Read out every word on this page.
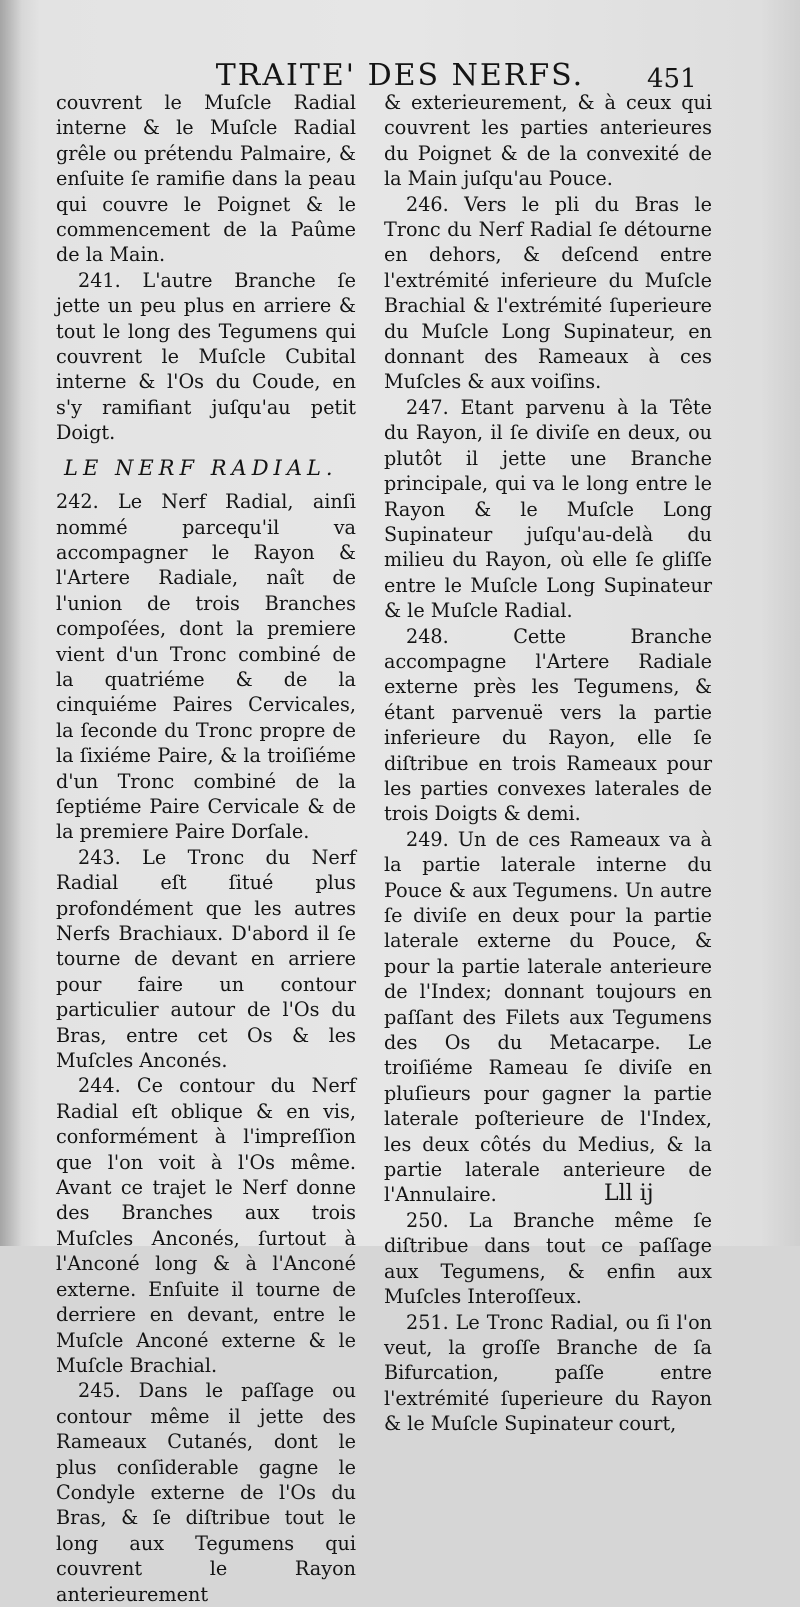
TRAITE' DES NERFS.	451

couvrent le Muſcle Radial interne & le Muſcle Radial grêle ou prétendu Palmaire, & enſuite ſe ramifie dans la peau qui couvre le Poignet & le commencement de la Paûme de la Main.

241. L'autre Branche ſe jette un peu plus en arriere & tout le long des Tegumens qui couvrent le Muſcle Cubital interne & l'Os du Coude, en s'y ramifiant juſqu'au petit Doigt.

LE NERF RADIAL.

242. Le Nerf Radial, ainſi nommé parcequ'il va accompagner le Rayon & l'Artere Radiale, naît de l'union de trois Branches compoſées, dont la premiere vient d'un Tronc combiné de la quatriéme & de la cinquiéme Paires Cervicales, la ſeconde du Tronc propre de la ſixiéme Paire, & la troiſiéme d'un Tronc combiné de la ſeptiéme Paire Cervicale & de la premiere Paire Dorſale.

243. Le Tronc du Nerf Radial eſt ſitué plus profondément que les autres Nerfs Brachiaux. D'abord il ſe tourne de devant en arriere pour faire un contour particulier autour de l'Os du Bras, entre cet Os & les Muſcles Anconés.

244. Ce contour du Nerf Radial eſt oblique & en vis, conformément à l'impreſſion que l'on voit à l'Os même. Avant ce trajet le Nerf donne des Branches aux trois Muſcles Anconés, ſurtout à l'Anconé long & à l'Anconé externe. Enſuite il tourne de derriere en devant, entre le Muſcle Anconé externe & le Muſcle Brachial.

245. Dans le paſſage ou contour même il jette des Rameaux Cutanés, dont le plus conſiderable gagne le Condyle externe de l'Os du Bras, & ſe diſtribue tout le long aux Tegumens qui couvrent le Rayon anterieurement

& exterieurement, & à ceux qui couvrent les parties anterieures du Poignet & de la convexité de la Main juſqu'au Pouce.

246. Vers le pli du Bras le Tronc du Nerf Radial ſe détourne en dehors, & deſcend entre l'extrémité inferieure du Muſcle Brachial & l'extrémité ſuperieure du Muſcle Long Supinateur, en donnant des Rameaux à ces Muſcles & aux voiſins.

247. Etant parvenu à la Tête du Rayon, il ſe diviſe en deux, ou plutôt il jette une Branche principale, qui va le long entre le Rayon & le Muſcle Long Supinateur juſqu'au-delà du milieu du Rayon, où elle ſe gliſſe entre le Muſcle Long Supinateur & le Muſcle Radial.

248. Cette Branche accompagne l'Artere Radiale externe près les Tegumens, & étant parvenuë vers la partie inferieure du Rayon, elle ſe diſtribue en trois Rameaux pour les parties convexes laterales de trois Doigts & demi.

249. Un de ces Rameaux va à la partie laterale interne du Pouce & aux Tegumens. Un autre ſe diviſe en deux pour la partie laterale externe du Pouce, & pour la partie laterale anterieure de l'Index; donnant toujours en paſſant des Filets aux Tegumens des Os du Metacarpe. Le troiſiéme Rameau ſe diviſe en pluſieurs pour gagner la partie laterale poſterieure de l'Index, les deux côtés du Medius, & la partie laterale anterieure de l'Annulaire.

250. La Branche même ſe diſtribue dans tout ce paſſage aux Tegumens, & enfin aux Muſcles Interoſſeux.

251. Le Tronc Radial, ou ſi l'on veut, la groſſe Branche de ſa Bifurcation, paſſe entre l'extrémité ſuperieure du Rayon & le Muſcle Supinateur court,

Lll ij
